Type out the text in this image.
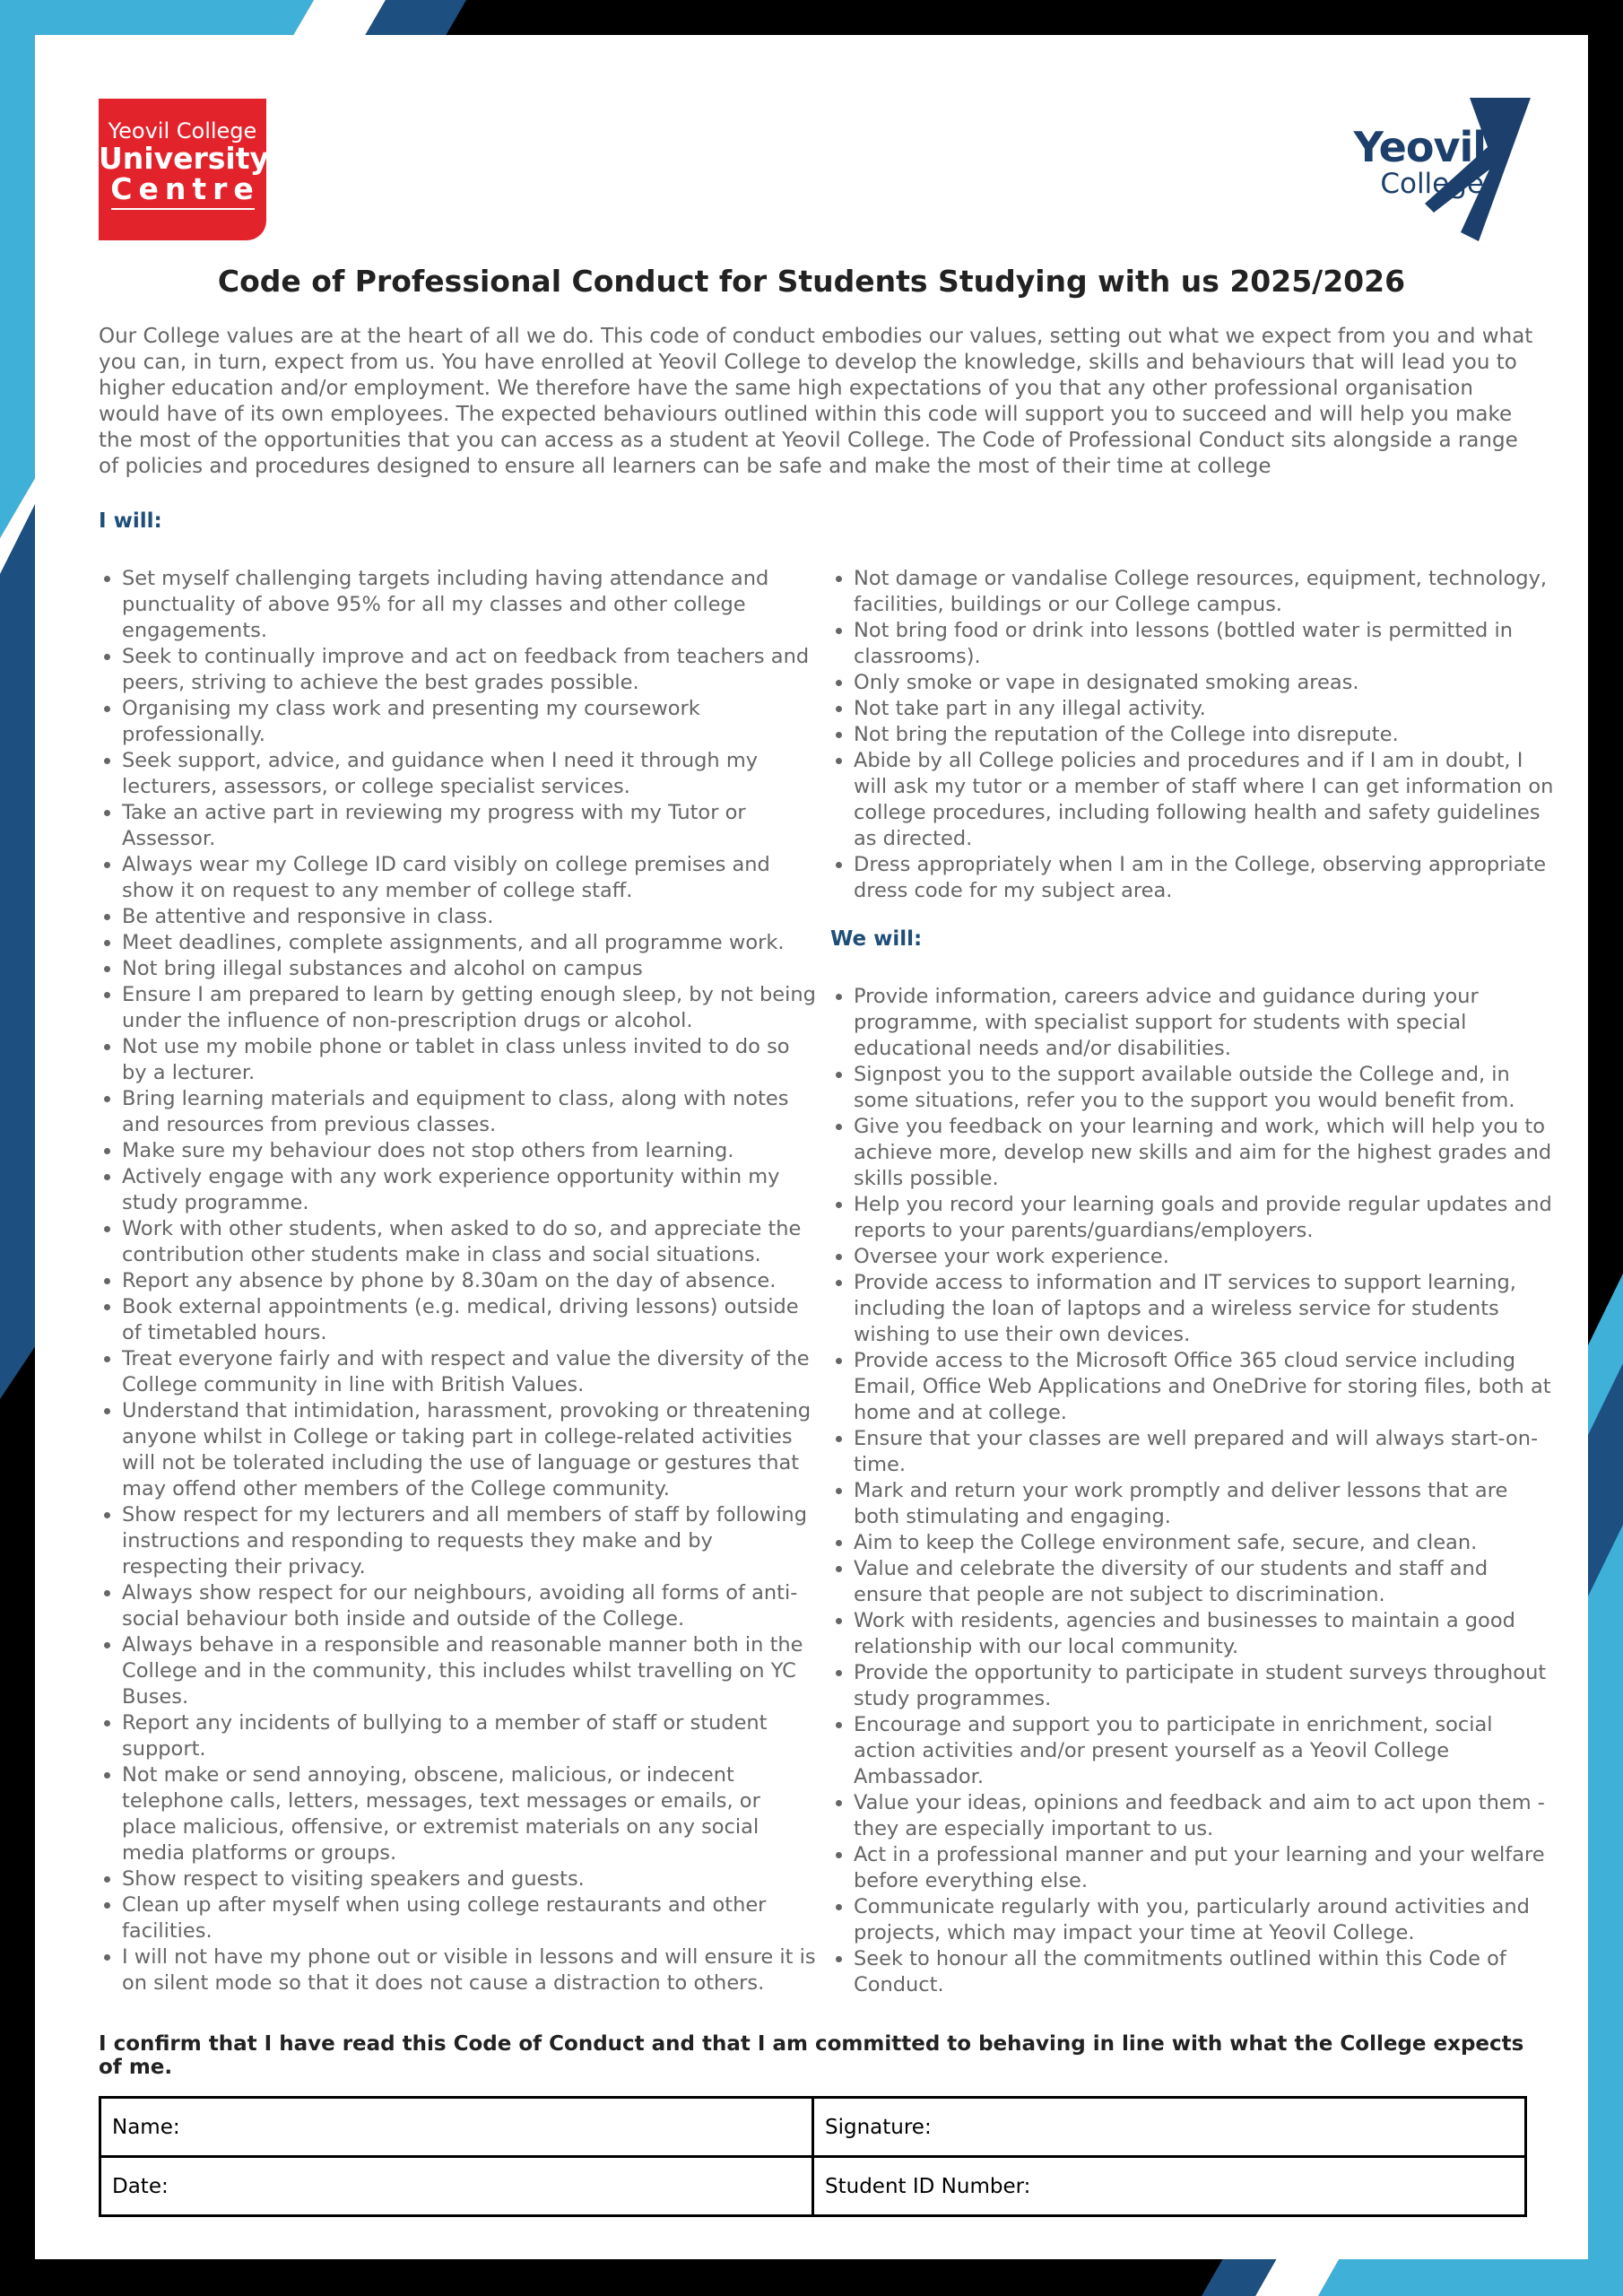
Yeovil College
University
Centre
Yeovil
College
Code of Professional Conduct for Students Studying with us 2025/2026

Our College values are at the heart of all we do. This code of conduct embodies our values, setting out what we expect from you and what you can, in turn, expect from us. You have enrolled at Yeovil College to develop the knowledge, skills and behaviours that will lead you to higher education and/or employment. We therefore have the same high expectations of you that any other professional organisation would have of its own employees. The expected behaviours outlined within this code will support you to succeed and will help you make the most of the opportunities that you can access as a student at Yeovil College. The Code of Professional Conduct sits alongside a range of policies and procedures designed to ensure all learners can be safe and make the most of their time at college

I will:
• Set myself challenging targets including having attendance and punctuality of above 95% for all my classes and other college engagements.
• Seek to continually improve and act on feedback from teachers and peers, striving to achieve the best grades possible.
• Organising my class work and presenting my coursework professionally.
• Seek support, advice, and guidance when I need it through my lecturers, assessors, or college specialist services.
• Take an active part in reviewing my progress with my Tutor or Assessor.
• Always wear my College ID card visibly on college premises and show it on request to any member of college staff.
• Be attentive and responsive in class.
• Meet deadlines, complete assignments, and all programme work.
• Not bring illegal substances and alcohol on campus
• Ensure I am prepared to learn by getting enough sleep, by not being under the influence of non-prescription drugs or alcohol.
• Not use my mobile phone or tablet in class unless invited to do so by a lecturer.
• Bring learning materials and equipment to class, along with notes and resources from previous classes.
• Make sure my behaviour does not stop others from learning.
• Actively engage with any work experience opportunity within my study programme.
• Work with other students, when asked to do so, and appreciate the contribution other students make in class and social situations.
• Report any absence by phone by 8.30am on the day of absence.
• Book external appointments (e.g. medical, driving lessons) outside of timetabled hours.
• Treat everyone fairly and with respect and value the diversity of the College community in line with British Values.
• Understand that intimidation, harassment, provoking or threatening anyone whilst in College or taking part in college-related activities will not be tolerated including the use of language or gestures that may offend other members of the College community.
• Show respect for my lecturers and all members of staff by following instructions and responding to requests they make and by respecting their privacy.
• Always show respect for our neighbours, avoiding all forms of anti-social behaviour both inside and outside of the College.
• Always behave in a responsible and reasonable manner both in the College and in the community, this includes whilst travelling on YC Buses.
• Report any incidents of bullying to a member of staff or student support.
• Not make or send annoying, obscene, malicious, or indecent telephone calls, letters, messages, text messages or emails, or place malicious, offensive, or extremist materials on any social media platforms or groups.
• Show respect to visiting speakers and guests.
• Clean up after myself when using college restaurants and other facilities.
• I will not have my phone out or visible in lessons and will ensure it is on silent mode so that it does not cause a distraction to others.
• Not damage or vandalise College resources, equipment, technology, facilities, buildings or our College campus.
• Not bring food or drink into lessons (bottled water is permitted in classrooms).
• Only smoke or vape in designated smoking areas.
• Not take part in any illegal activity.
• Not bring the reputation of the College into disrepute.
• Abide by all College policies and procedures and if I am in doubt, I will ask my tutor or a member of staff where I can get information on college procedures, including following health and safety guidelines as directed.
• Dress appropriately when I am in the College, observing appropriate dress code for my subject area.
We will:
• Provide information, careers advice and guidance during your programme, with specialist support for students with special educational needs and/or disabilities.
• Signpost you to the support available outside the College and, in some situations, refer you to the support you would benefit from.
• Give you feedback on your learning and work, which will help you to achieve more, develop new skills and aim for the highest grades and skills possible.
• Help you record your learning goals and provide regular updates and reports to your parents/guardians/employers.
• Oversee your work experience.
• Provide access to information and IT services to support learning, including the loan of laptops and a wireless service for students wishing to use their own devices.
• Provide access to the Microsoft Office 365 cloud service including Email, Office Web Applications and OneDrive for storing files, both at home and at college.
• Ensure that your classes are well prepared and will always start-on-time.
• Mark and return your work promptly and deliver lessons that are both stimulating and engaging.
• Aim to keep the College environment safe, secure, and clean.
• Value and celebrate the diversity of our students and staff and ensure that people are not subject to discrimination.
• Work with residents, agencies and businesses to maintain a good relationship with our local community.
• Provide the opportunity to participate in student surveys throughout study programmes.
• Encourage and support you to participate in enrichment, social action activities and/or present yourself as a Yeovil College Ambassador.
• Value your ideas, opinions and feedback and aim to act upon them - they are especially important to us.
• Act in a professional manner and put your learning and your welfare before everything else.
• Communicate regularly with you, particularly around activities and projects, which may impact your time at Yeovil College.
• Seek to honour all the commitments outlined within this Code of Conduct.
I confirm that I have read this Code of Conduct and that I am committed to behaving in line with what the College expects of me.
Name:	Signature:
Date:	Student ID Number:
